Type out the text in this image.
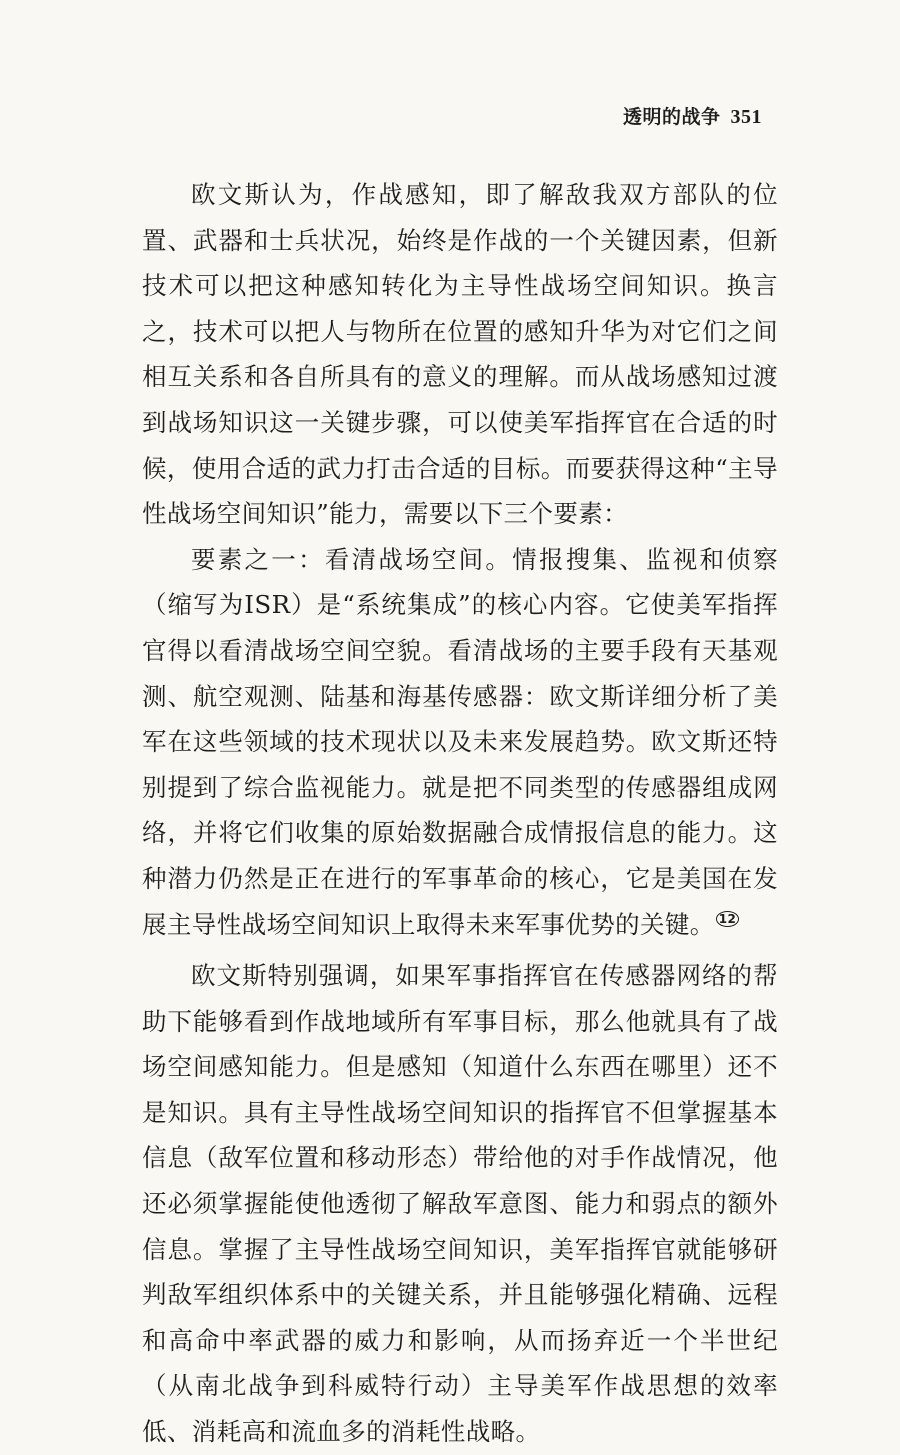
透明的战争 351

欧文斯认为，作战感知，即了解敌我双方部队的位置、武器和士兵状况，始终是作战的一个关键因素，但新技术可以把这种感知转化为主导性战场空间知识。换言之，技术可以把人与物所在位置的感知升华为对它们之间相互关系和各自所具有的意义的理解。而从战场感知过渡到战场知识这一关键步骤，可以使美军指挥官在合适的时候，使用合适的武力打击合适的目标。而要获得这种“主导性战场空间知识”能力，需要以下三个要素：

要素之一：看清战场空间。情报搜集、监视和侦察（缩写为ISR）是“系统集成”的核心内容。它使美军指挥官得以看清战场空间空貌。看清战场的主要手段有天基观测、航空观测、陆基和海基传感器：欧文斯详细分析了美军在这些领域的技术现状以及未来发展趋势。欧文斯还特别提到了综合监视能力。就是把不同类型的传感器组成网络，并将它们收集的原始数据融合成情报信息的能力。这种潜力仍然是正在进行的军事革命的核心，它是美国在发展主导性战场空间知识上取得未来军事优势的关键。 $^{12}$

欧文斯特别强调，如果军事指挥官在传感器网络的帮助下能够看到作战地域所有军事目标，那么他就具有了战场空间感知能力。但是感知（知道什么东西在哪里）还不是知识。具有主导性战场空间知识的指挥官不但掌握基本信息（敌军位置和移动形态）带给他的对手作战情况，他还必须掌握能使他透彻了解敌军意图、能力和弱点的额外信息。掌握了主导性战场空间知识，美军指挥官就能够研判敌军组织体系中的关键关系，并且能够强化精确、远程和高命中率武器的威力和影响，从而扬弃近一个半世纪（从南北战争到科威特行动）主导美军作战思想的效率低、消耗高和流血多的消耗性战略。
